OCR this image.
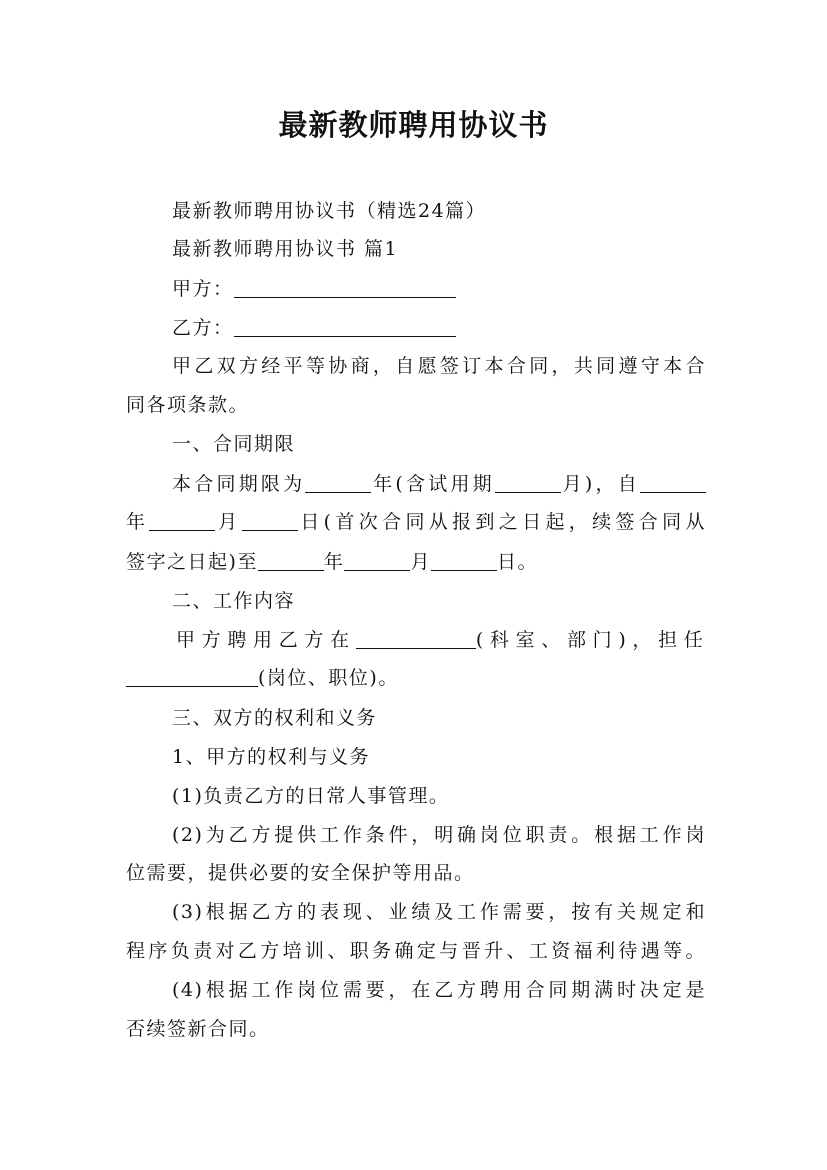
最新教师聘用协议书
最新教师聘用协议书（精选24篇）
最新教师聘用协议书 篇1
甲方：
乙方：
甲乙双方经平等协商，自愿签订本合同，共同遵守本合
同各项条款。
一、合同期限
本合同期限为	年(含试用期	月)，自
年	月	日(首次合同从报到之日起，续签合同从
签字之日起)至	年	月	日。
二、工作内容
甲方聘用乙方在	(科室、部门)，担任
(岗位、职位)。
三、双方的权利和义务
1、甲方的权利与义务
(1)负责乙方的日常人事管理。
(2)为乙方提供工作条件，明确岗位职责。根据工作岗
位需要，提供必要的安全保护等用品。
(3)根据乙方的表现、业绩及工作需要，按有关规定和
程序负责对乙方培训、职务确定与晋升、工资福利待遇等。
(4)根据工作岗位需要，在乙方聘用合同期满时决定是
否续签新合同。
